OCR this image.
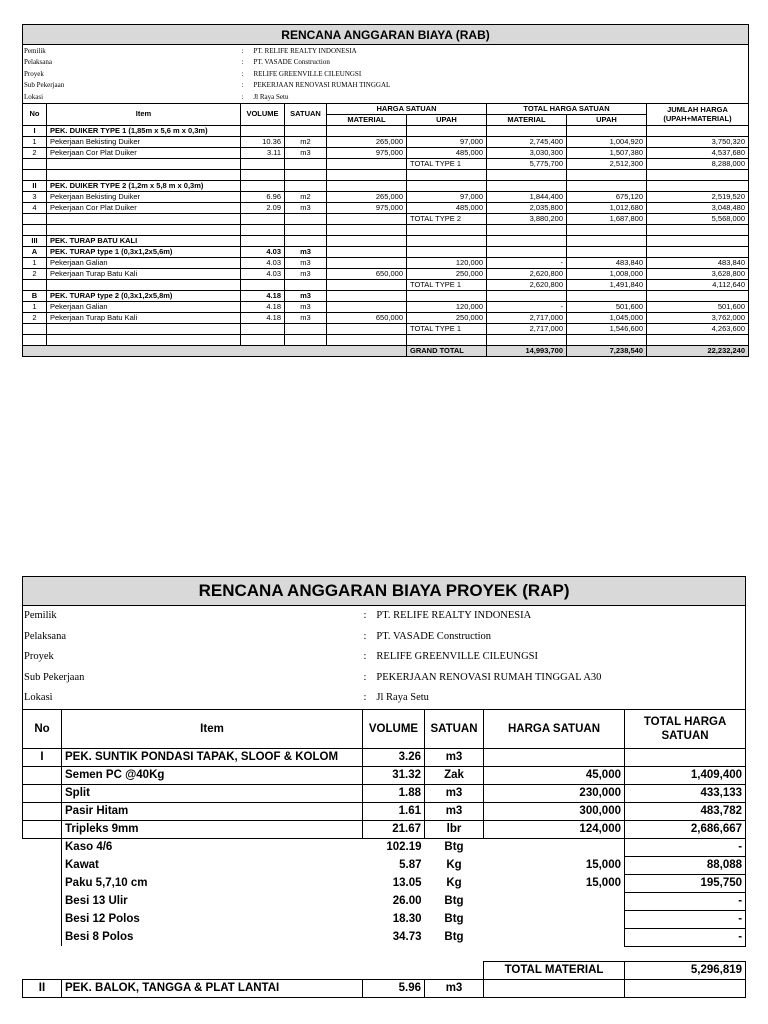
RENCANA ANGGARAN BIAYA (RAB)								
Pemilik		: PT. RELIFE REALTY INDONESIA						
Pelaksana		: PT. VASADE Construction						
Proyek		: RELIFE GREENVILLE CILEUNGSI						
Sub Pekerjaan		: PEKERJAAN RENOVASI RUMAH TINGGAL						
Lokasi		: Jl Raya Setu						
No	Item	VOLUME	SATUAN	HARGA SATUAN		TOTAL HARGA SATUAN		JUMLAH HARGA (UPAH+MATERIAL)
				MATERIAL	UPAH	MATERIAL	UPAH	
I	PEK. DUIKER TYPE 1 (1,85m x 5,6 m x 0,3m)							
1	Pekerjaan Bekisting Duiker	10.36	m2	265,000	97,000	2,745,400	1,004,920	3,750,320
2	Pekerjaan Cor Plat Duiker	3.11	m3	975,000	485,000	3,030,300	1,507,380	4,537,680
					TOTAL TYPE 1	5,775,700	2,512,300	8,288,000

II	PEK. DUIKER TYPE 2 (1,2m x 5,8 m x 0,3m)							
3	Pekerjaan Bekisting Duiker	6.96	m2	265,000	97,000	1,844,400	675,120	2,519,520
4	Pekerjaan Cor Plat Duiker	2.09	m3	975,000	485,000	2,035,800	1,012,680	3,048,480
					TOTAL TYPE 2	3,880,200	1,687,800	5,568,000

III	PEK. TURAP BATU KALI							
A	PEK. TURAP type 1 (0,3x1,2x5,6m)	4.03	m3					
1	Pekerjaan Galian	4.03	m3		120,000	-	483,840	483,840
2	Pekerjaan Turap Batu Kali	4.03	m3	650,000	250,000	2,620,800	1,008,000	3,628,800
					TOTAL TYPE 1	2,620,800	1,491,840	4,112,640
B	PEK. TURAP type 2 (0,3x1,2x5,8m)	4.18	m3					
1	Pekerjaan Galian	4.18	m3		120,000	-	501,600	501,600
2	Pekerjaan Turap Batu Kali	4.18	m3	650,000	250,000	2,717,000	1,045,000	3,762,000
					TOTAL TYPE 1	2,717,000	1,546,600	4,263,600

					GRAND TOTAL	14,993,700	7,238,540	22,232,240
RENCANA ANGGARAN BIAYA PROYEK (RAP)					
Pemilik		: PT. RELIFE REALTY INDONESIA			
Pelaksana		: PT. VASADE Construction			
Proyek		: RELIFE GREENVILLE CILEUNGSI			
Sub Pekerjaan		: PEKERJAAN RENOVASI RUMAH TINGGAL A30			
Lokasi		: Jl Raya Setu			
No	Item	VOLUME	SATUAN	HARGA SATUAN	TOTAL HARGA SATUAN
I	PEK. SUNTIK PONDASI TAPAK, SLOOF & KOLOM	3.26	m3		
	Semen PC @40Kg	31.32	Zak	45,000	1,409,400
	Split	1.88	m3	230,000	433,133
	Pasir Hitam	1.61	m3	300,000	483,782
	Tripleks 9mm	21.67	lbr	124,000	2,686,667
	Kaso 4/6	102.19	Btg		-
	Kawat	5.87	Kg	15,000	88,088
	Paku 5,7,10 cm	13.05	Kg	15,000	195,750
	Besi 13 Ulir	26.00	Btg		-
	Besi 12 Polos	18.30	Btg		-
	Besi 8 Polos	34.73	Btg		-

				TOTAL MATERIAL	5,296,819
II	PEK. BALOK, TANGGA & PLAT LANTAI	5.96	m3		
